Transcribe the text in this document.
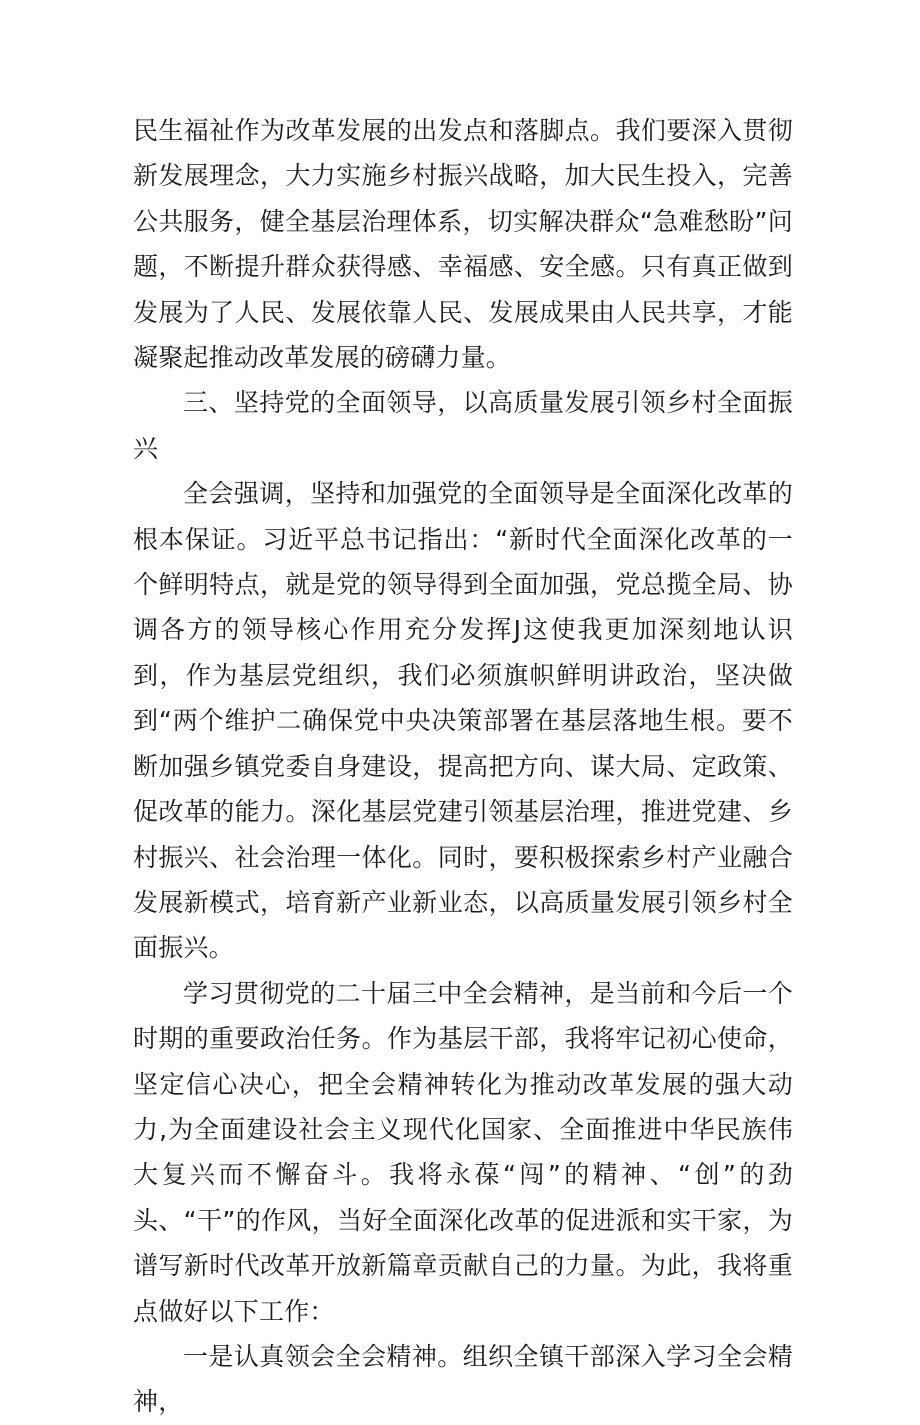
民生福祉作为改革发展的出发点和落脚点。我们要深入贯彻新发展理念，大力实施乡村振兴战略，加大民生投入，完善公共服务，健全基层治理体系，切实解决群众“急难愁盼”问题，不断提升群众获得感、幸福感、安全感。只有真正做到发展为了人民、发展依靠人民、发展成果由人民共享，才能凝聚起推动改革发展的磅礴力量。

三、坚持党的全面领导，以高质量发展引领乡村全面振兴

全会强调，坚持和加强党的全面领导是全面深化改革的根本保证。习近平总书记指出：“新时代全面深化改革的一个鲜明特点，就是党的领导得到全面加强，党总揽全局、协调各方的领导核心作用充分发挥J这使我更加深刻地认识到，作为基层党组织，我们必须旗帜鲜明讲政治，坚决做到“两个维护二确保党中央决策部署在基层落地生根。要不断加强乡镇党委自身建设，提高把方向、谋大局、定政策、促改革的能力。深化基层党建引领基层治理，推进党建、乡村振兴、社会治理一体化。同时，要积极探索乡村产业融合发展新模式，培育新产业新业态，以高质量发展引领乡村全面振兴。

学习贯彻党的二十届三中全会精神，是当前和今后一个时期的重要政治任务。作为基层干部，我将牢记初心使命，坚定信心决心，把全会精神转化为推动改革发展的强大动力,为全面建设社会主义现代化国家、全面推进中华民族伟大复兴而不懈奋斗。我将永葆“闯”的精神、“创”的劲头、“干”的作风，当好全面深化改革的促进派和实干家，为谱写新时代改革开放新篇章贡献自己的力量。为此，我将重点做好以下工作：

一是认真领会全会精神。组织全镇干部深入学习全会精神，
